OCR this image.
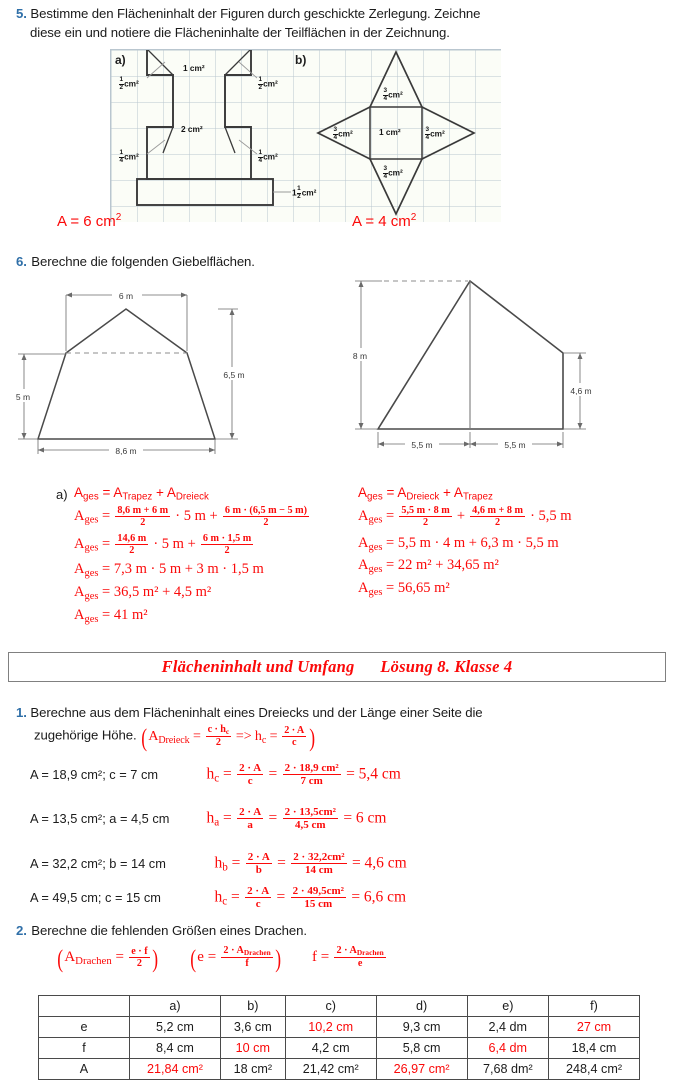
5. Bestimme den Flächeninhalt der Figuren durch geschickte Zerlegung. Zeichne
diese ein und notiere die Flächeninhalte der Teilflächen in der Zeichnung.
a)	b)
1 cm²
2 cm²
$\frac{1}{2} cm^2$	$\frac{1}{2} cm^2$
$\frac{1}{4} cm^2$	$\frac{1}{4} cm^2$
$1 \frac{1}{2} cm^2$
1 cm²
$\frac{3}{4} cm^2$
$\frac{3}{4} cm^2$
$\frac{3}{4} cm^2$	$\frac{3}{4} cm^2$
A = 6 $cm^2$	A = 4 $cm^2$
6. Berechne die folgenden Giebelflächen.
6 m
5 m
6,5 m
8,6 m
8 m
4,6 m
5,5 m	5,5 m
a) $A_{ges} = A_{Trapez} + A_{Dreieck}$
$A_{ges} = \frac{8,6 m + 6 m}{2} \cdot 5$ $m + \frac{6 m \cdot (6,5 m - 5 m)}{2}$
$A_{ges} = \frac{14,6 m}{2} \cdot 5$ $m + \frac{6 m \cdot 1,5 m}{2}$
$A_{ges} = 7,3$ m · 5 m + 3 m · 1,5 m
$A_{ges} = 36,5$ m² + 4,5 m²
$A_{ges} = 41$ m²
$A_{ges} = A_{Dreieck} + A_{Trapez}$
$A_{ges} = \frac{5,5 m \cdot 8 m}{2} + \frac{4,6 m + 8 m}{2} \cdot 5,5$ m
$A_{ges} = 5,5$ m · 4 m + 6,3 m · 5,5 m
$A_{ges} = 22$ m² + 34,65 m²
$A_{ges} = 56,65$ m²
Flächeninhalt und Umfang Lösung 8. Klasse 4
1. Berechne aus dem Flächeninhalt eines Dreiecks und der Länge einer Seite die
zugehörige Höhe. ($A_{Dreieck} = \frac{c \cdot h_c}{2} => h_c = \frac{2 \cdot A}{c}$ )
A = 18,9 cm²; c = 7 cm	$h_c = \frac{2 \cdot A}{c} = \frac{\text{2 · 18,9 cm²}}{7 cm} = 5,4$ cm
A = 13,5 cm²; a = 4,5 cm $h_a = \frac{2 \cdot A}{a} = \frac{\text{2 · 13,5cm²}}{4,5 cm} = 6$ cm
A = 32,2 cm²; b = 14 cm	$h_b = \frac{2 \cdot A}{b} = \frac{\text{2 · 32,2cm²}}{14 cm} = 4,6$ cm
A = 49,5 cm; c = 15 cm	$h_c = \frac{2 \cdot A}{c} = \frac{\text{2 · 49,5cm²}}{15 cm} = 6,6$ cm
2. Berechne die fehlenden Größen eines Drachen.
($A_{Drachen} = \frac{e \cdot f}{2}$ ) ($e = 2 \cdot A_{Drachen}$
f	) $f = 2 \cdot A_{Drachen}$
e
	a)	b)	c)	d)	e)	f)
e	5,2 cm	3,6 cm	10,2 cm	9,3 cm	2,4 dm	27 cm
f	8,4 cm	10 cm	4,2 cm	5,8 cm	6,4 dm	18,4 cm
A	21,84 cm²	18 cm²	21,42 cm²	26,97 cm²	7,68 dm²	248,4 cm²
